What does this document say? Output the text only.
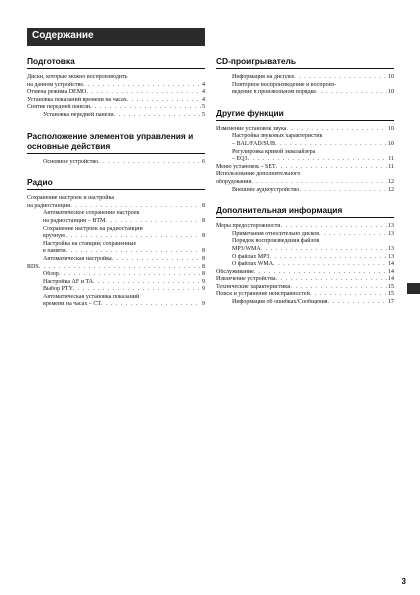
Содержание
Подготовка
Диски, которые можно воспроизводить
на данном устройстве . . .	4
Отмена режима DEMO . . .	4
Установка показаний времени на часах . . .	4
Снятие передней панели . . .	5
Установка передней панели . . .	5
Расположение элементов управления и основные действия
Основное устройство . . .	6
Радио
Сохранение настроек и настройка
на радиостанции . . .	8
Автоматическое сохранение настроек
на радиостанции – BTM . . .	8
Сохранение настроек на радиостанции
вручную . . .	8
Настройка на станции; сохраненные
в памяти . . .	8
Автоматическая настройка . . .	8
RDS . . .	8
Обзор . . .	8
Настройка AF и TA . . .	9
Выбор PTY . . .	9
Автоматическая установка показаний
времени на часах – CT . . .	9
CD-проигрыватель
Информация на дисплее . . .	10
Повторное воспроизведение и воспроиз-
ведение в произвольном порядке . . .	10
Другие функции
Изменение установок звука . . .	10
Настройка звуковых характеристик
– BAL/FAD/SUB . . .	10
Регулировка кривой эквалайзера
– EQ3 . . .	11
Меню установок – SET . . .	11
Использование дополнительного
оборудования . . .	12
Внешнее аудиоустройство . . .	12
Дополнительная информация
Меры предосторожности . . .	13
Примечания относительно дисков . . .	13
Порядок воспроизведения файлов
MP3/WMA . . .	13
О файлах MP3 . . .	13
О файлах WMA . . .	14
Обслуживание . . .	14
Извлечение устройства . . .	14
Технические характеристики . . .	15
Поиск и устранение неисправностей . . .	15
Информация об ошибках/Сообщения . . .	17
3
